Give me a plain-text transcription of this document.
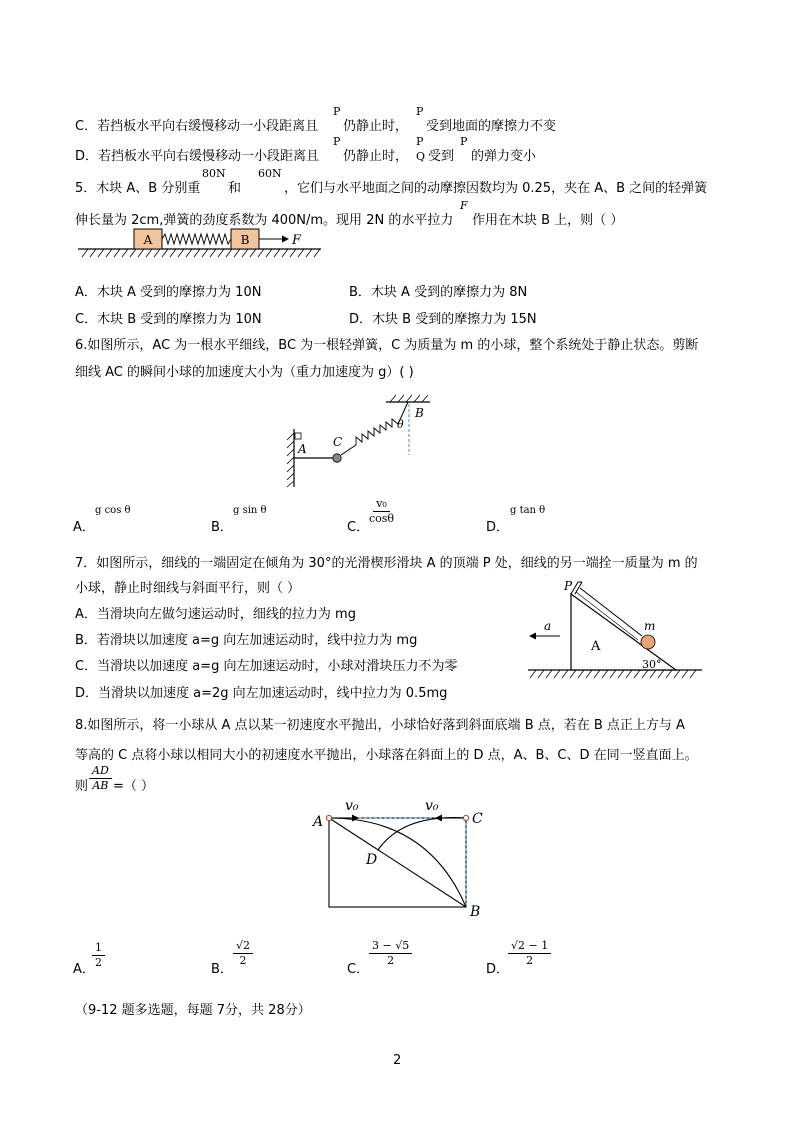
C．若挡板水平向右缓慢移动一小段距离且
P
仍静止时，
P
受到地面的摩擦力不变
D．若挡板水平向右缓慢移动一小段距离且
P
仍静止时，
P
Q 受到
P
的弹力变小
80N	60N
5．木块 A、B 分别重 和	，它们与水平地面之间的动摩擦因数均为 0.25，夹在 A、B 之间的轻弹簧
伸长量为 2cm,弹簧的劲度系数为 400N/m。现用 2N 的水平拉力
F
作用在木块 B 上，则（ ）
A	B	F
A．木块 A 受到的摩擦力为 10N	B．木块 A 受到的摩擦力为 8N
C．木块 B 受到的摩擦力为 10N	D．木块 B 受到的摩擦力为 15N
6.如图所示，AC 为一根水平细线，BC 为一根轻弹簧，C 为质量为 m 的小球，整个系统处于静止状态。剪断
细线 AC 的瞬间小球的加速度大小为（重力加速度为 g）( )
A C
B
θ
A．
g cos θ
B．
g sin θ
C．
$\frac{\text{v₀}}{\cos\theta}$
D．
g tan θ
7．如图所示，细线的一端固定在倾角为 30°的光滑楔形滑块 A 的顶端 P 处，细线的另一端拴一质量为 m 的
小球，静止时细线与斜面平行，则（ ）
A．当滑块向左做匀速运动时，细线的拉力为 mg
B．若滑块以加速度 a=g 向左加速运动时，线中拉力为 mg
C．当滑块以加速度 a=g 向左加速运动时，小球对滑块压力不为零
D．当滑块以加速度 a=2g 向左加速运动时，线中拉力为 0.5mg
P
m
A
30°
a
8.如图所示，将一小球从 A 点以某一初速度水平抛出，小球恰好落到斜面底端 B 点，若在 B 点正上方与 A
等高的 C 点将小球以相同大小的初速度水平抛出，小球落在斜面上的 D 点，A、B、C、D 在同一竖直面上。
则 $\frac{AD}{AB}$ =（ ）
A	C
B
D
v₀	v₀
A．
$\frac{1}{2}$	B．
$\frac{√2}{2}$
C．
$\frac{3 - √5}{2}$
D．
$\frac{√2 - 1}{2}$
（9-12 题多选题，每题 7分，共 28分）
2
